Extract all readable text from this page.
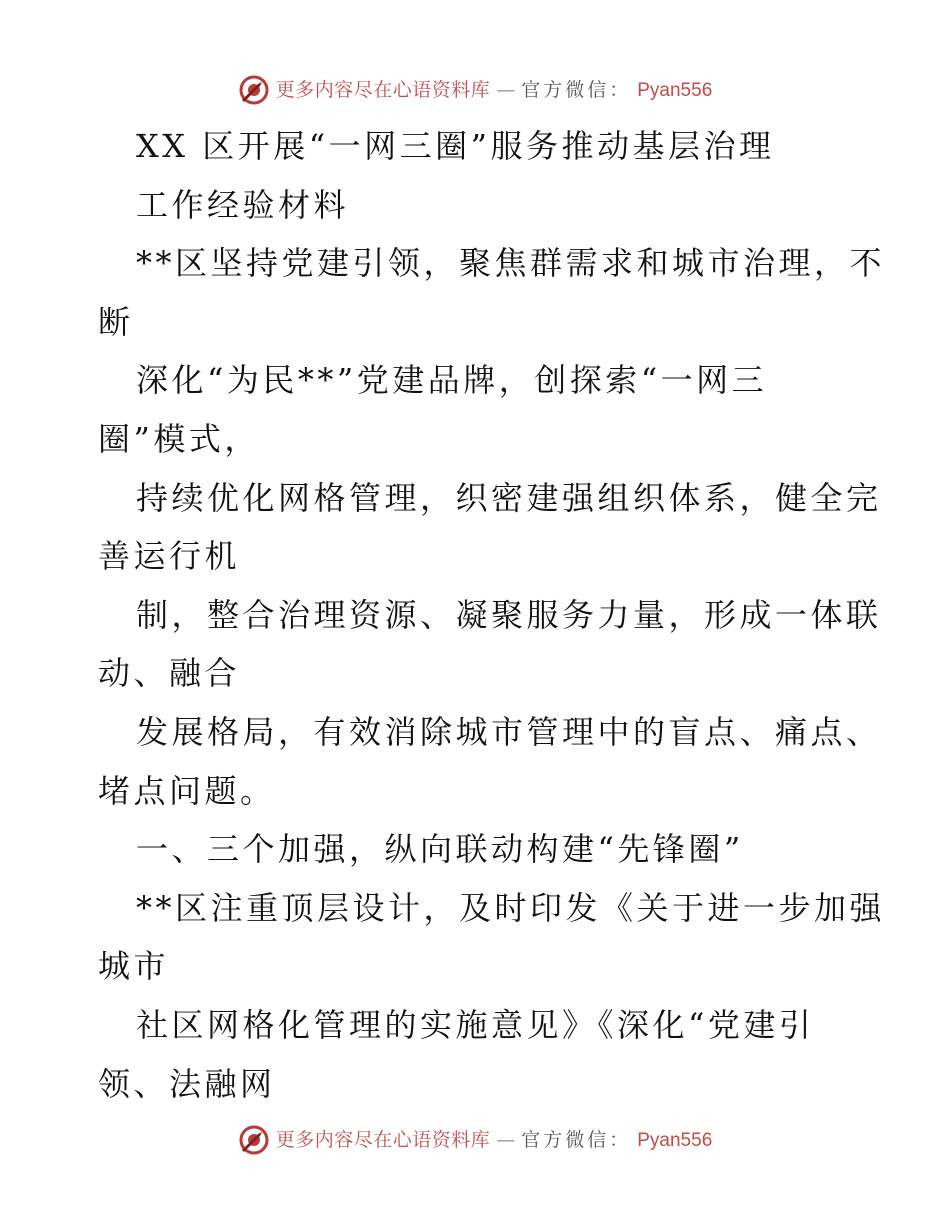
更多内容尽在心语资料库 — 官方微信： Pyan556
XX 区开展“一网三圈”服务推动基层治理
工作经验材料
**区坚持党建引领，聚焦群需求和城市治理，不
断
深化“为民**”党建品牌，创探索“一网三
圈”模式，
持续优化网格管理，织密建强组织体系，健全完
善运行机
制，整合治理资源、凝聚服务力量，形成一体联
动、融合
发展格局，有效消除城市管理中的盲点、痛点、
堵点问题。
一、三个加强，纵向联动构建“先锋圈”
**区注重顶层设计，及时印发《关于进一步加强
城市
社区网格化管理的实施意见》《深化“党建引
领、法融网
更多内容尽在心语资料库 — 官方微信： Pyan556
